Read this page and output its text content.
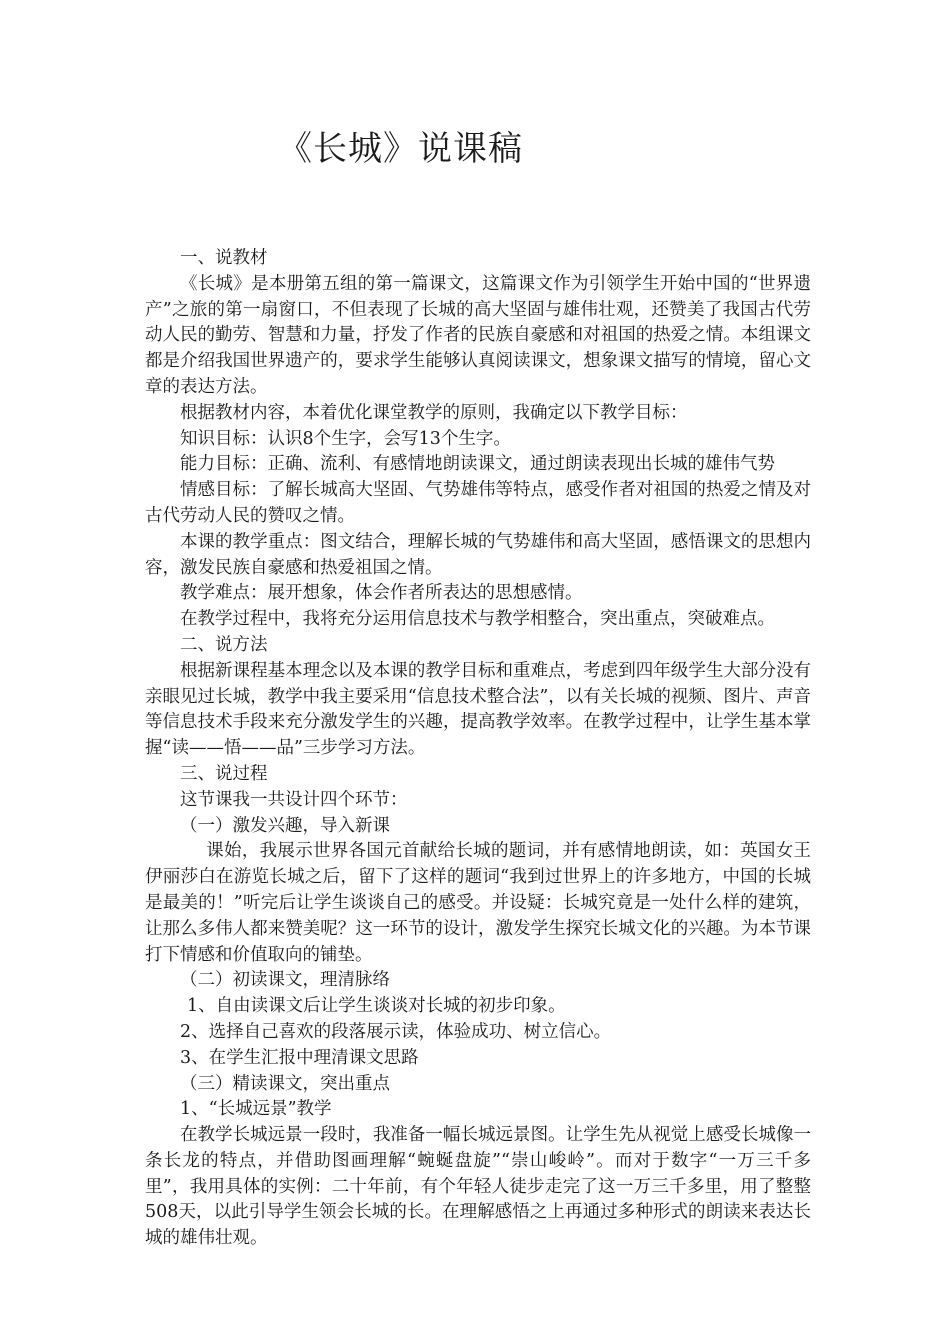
《长城》说课稿

一、说教材

《长城》是本册第五组的第一篇课文，这篇课文作为引领学生开始中国的“世界遗产”之旅的第一扇窗口，不但表现了长城的高大坚固与雄伟壮观，还赞美了我国古代劳动人民的勤劳、智慧和力量，抒发了作者的民族自豪感和对祖国的热爱之情。本组课文都是介绍我国世界遗产的，要求学生能够认真阅读课文，想象课文描写的情境，留心文章的表达方法。

根据教材内容，本着优化课堂教学的原则，我确定以下教学目标：

知识目标：认识8个生字，会写13个生字。

能力目标：正确、流利、有感情地朗读课文，通过朗读表现出长城的雄伟气势

情感目标：了解长城高大坚固、气势雄伟等特点，感受作者对祖国的热爱之情及对古代劳动人民的赞叹之情。

本课的教学重点：图文结合，理解长城的气势雄伟和高大坚固，感悟课文的思想内容，激发民族自豪感和热爱祖国之情。

教学难点：展开想象，体会作者所表达的思想感情。

在教学过程中，我将充分运用信息技术与教学相整合，突出重点，突破难点。

二、说方法

根据新课程基本理念以及本课的教学目标和重难点，考虑到四年级学生大部分没有亲眼见过长城，教学中我主要采用“信息技术整合法”，以有关长城的视频、图片、声音等信息技术手段来充分激发学生的兴趣，提高教学效率。在教学过程中，让学生基本掌握“读——悟——品”三步学习方法。

三、说过程

这节课我一共设计四个环节：

（一）激发兴趣，导入新课

课始，我展示世界各国元首献给长城的题词，并有感情地朗读，如：英国女王伊丽莎白在游览长城之后，留下了这样的题词“我到过世界上的许多地方，中国的长城是最美的！”听完后让学生谈谈自己的感受。并设疑：长城究竟是一处什么样的建筑，让那么多伟人都来赞美呢？这一环节的设计，激发学生探究长城文化的兴趣。为本节课打下情感和价值取向的铺垫。

（二）初读课文，理清脉络

1、自由读课文后让学生谈谈对长城的初步印象。

2、选择自己喜欢的段落展示读，体验成功、树立信心。

3、在学生汇报中理清课文思路

（三）精读课文，突出重点

1、“长城远景”教学

在教学长城远景一段时，我准备一幅长城远景图。让学生先从视觉上感受长城像一条长龙的特点，并借助图画理解“蜿蜒盘旋”“崇山峻岭”。而对于数字“一万三千多里”，我用具体的实例：二十年前，有个年轻人徒步走完了这一万三千多里，用了整整508天，以此引导学生领会长城的长。在理解感悟之上再通过多种形式的朗读来表达长城的雄伟壮观。
